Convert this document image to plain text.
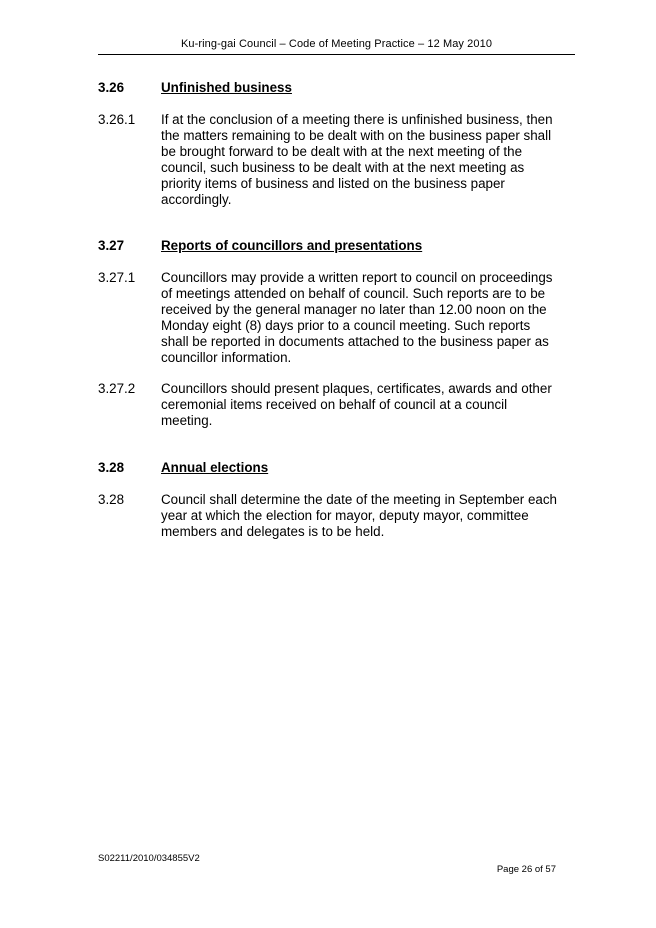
Ku-ring-gai Council – Code of Meeting Practice – 12 May 2010
3.26	Unfinished business
3.26.1 If at the conclusion of a meeting there is unfinished business, then the matters remaining to be dealt with on the business paper shall be brought forward to be dealt with at the next meeting of the council, such business to be dealt with at the next meeting as priority items of business and listed on the business paper accordingly.
3.27	Reports of councillors and presentations
3.27.1 Councillors may provide a written report to council on proceedings of meetings attended on behalf of council. Such reports are to be received by the general manager no later than 12.00 noon on the Monday eight (8) days prior to a council meeting. Such reports shall be reported in documents attached to the business paper as councillor information.
3.27.2 Councillors should present plaques, certificates, awards and other ceremonial items received on behalf of council at a council meeting.
3.28	Annual elections
3.28	Council shall determine the date of the meeting in September each year at which the election for mayor, deputy mayor, committee members and delegates is to be held.
S02211/2010/034855V2
Page 26 of 57
